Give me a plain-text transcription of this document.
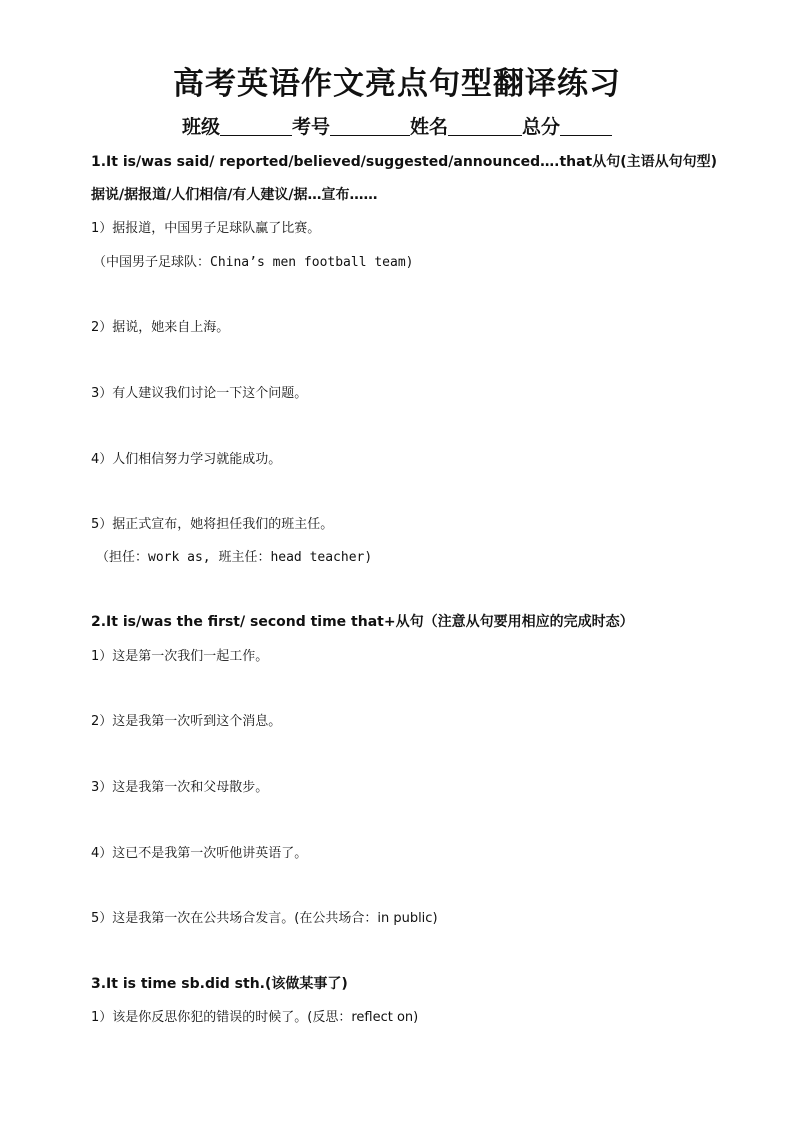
高考英语作文亮点句型翻译练习
班级	考号	姓名	总分
1.It is/was said/ reported/believed/suggested/announced….that从句(主语从句句型)
据说/据报道/人们相信/有人建议/据…宣布……
1）据报道，中国男子足球队赢了比赛。
（中国男子足球队：China’s men football team)
2）据说，她来自上海。
3）有人建议我们讨论一下这个问题。
4）人们相信努力学习就能成功。
5）据正式宣布，她将担任我们的班主任。
（担任：work as, 班主任：head teacher)
2.It is/was the first/ second time that+从句（注意从句要用相应的完成时态）
1）这是第一次我们一起工作。
2）这是我第一次听到这个消息。
3）这是我第一次和父母散步。
4）这已不是我第一次听他讲英语了。
5）这是我第一次在公共场合发言。(在公共场合：in public)
3.It is time sb.did sth.(该做某事了)
1）该是你反思你犯的错误的时候了。(反思：reflect on)
